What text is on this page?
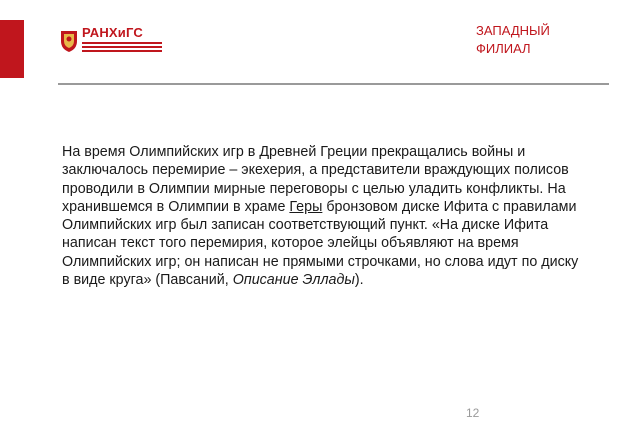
РАНХиГС	ЗАПАДНЫЙ
ФИЛИАЛ
На время Олимпийских игр в Древней Греции прекращались войны и заключалось перемирие – экехерия, а представители враждующих полисов проводили в Олимпии мирные переговоры с целью уладить конфликты. На хранившемся в Олимпии в храме Геры бронзовом диске Ифита с правилами Олимпийских игр был записан соответствующий пункт. «На диске Ифита написан текст того перемирия, которое элейцы объявляют на время Олимпийских игр; он написан не прямыми строчками, но слова идут по диску в виде круга» (Павсаний, Описание Эллады).
12
